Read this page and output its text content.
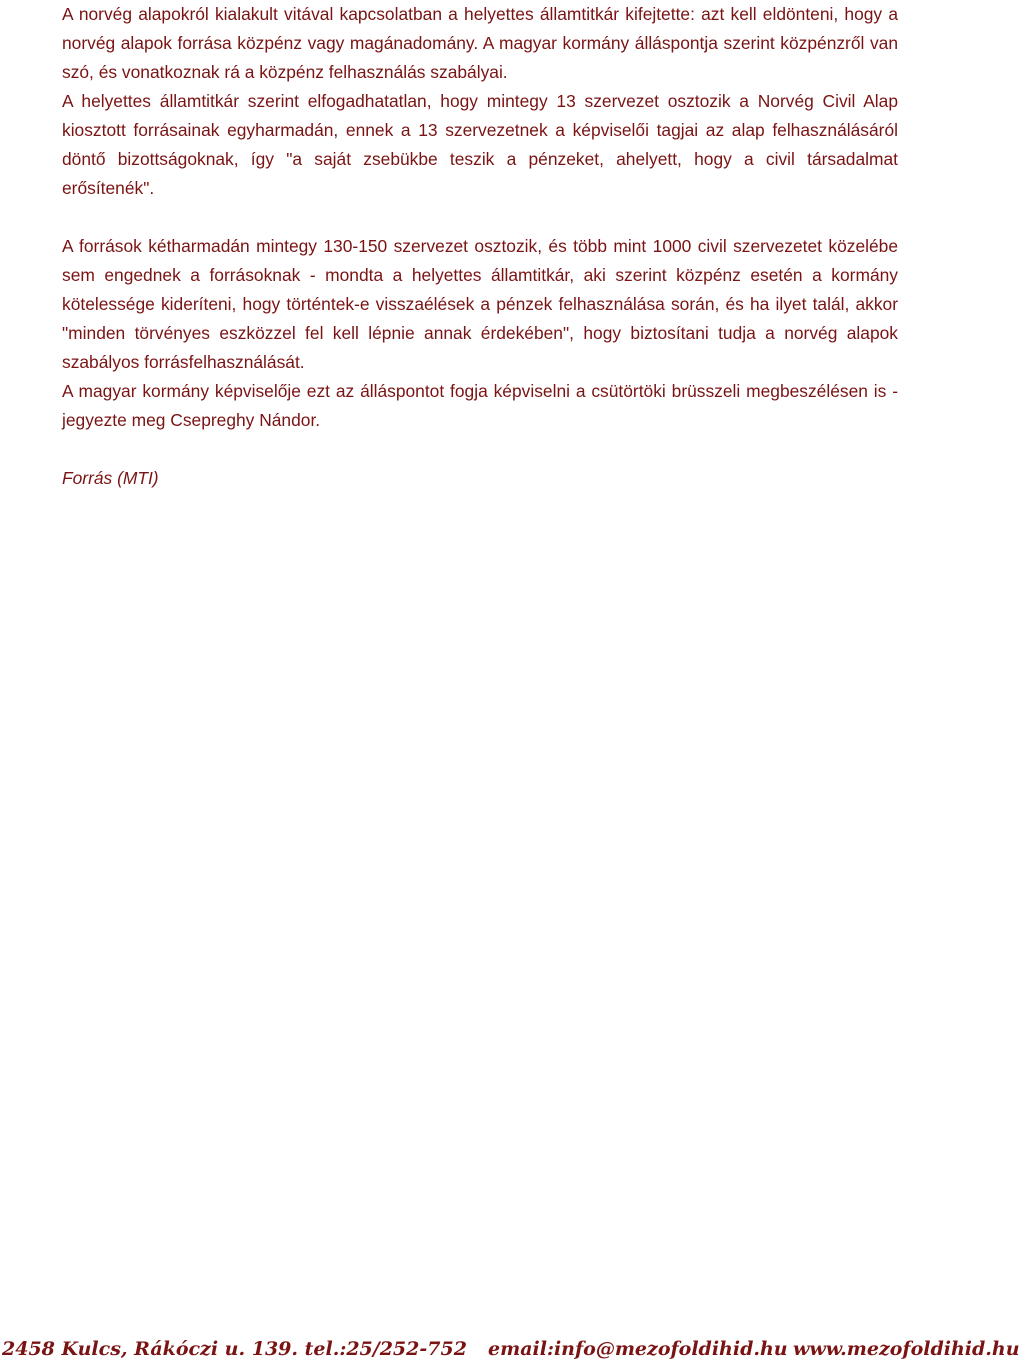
A norvég alapokról kialakult vitával kapcsolatban a helyettes államtitkár kifejtette: azt kell eldönteni, hogy a norvég alapok forrása közpénz vagy magánadomány. A magyar kormány álláspontja szerint közpénzről van szó, és vonatkoznak rá a közpénz felhasználás szabályai.

A helyettes államtitkár szerint elfogadhatatlan, hogy mintegy 13 szervezet osztozik a Norvég Civil Alap kiosztott forrásainak egyharmadán, ennek a 13 szervezetnek a képviselői tagjai az alap felhasználásáról döntő bizottságoknak, így "a saját zsebükbe teszik a pénzeket, ahelyett, hogy a civil társadalmat erősítenék".

A források kétharmadán mintegy 130-150 szervezet osztozik, és több mint 1000 civil szervezetet közelébe sem engednek a forrásoknak - mondta a helyettes államtitkár, aki szerint közpénz esetén a kormány kötelessége kideríteni, hogy történtek-e visszaélések a pénzek felhasználása során, és ha ilyet talál, akkor "minden törvényes eszközzel fel kell lépnie annak érdekében", hogy biztosítani tudja a norvég alapok szabályos forrásfelhasználását.

A magyar kormány képviselője ezt az álláspontot fogja képviselni a csütörtöki brüsszeli megbeszélésen is - jegyezte meg Csepreghy Nándor.

Forrás (MTI)

2458 Kulcs, Rákóczi u. 139. tel.:25/252-752 email:info@mezofoldihid.hu www.mezofoldihid.hu
